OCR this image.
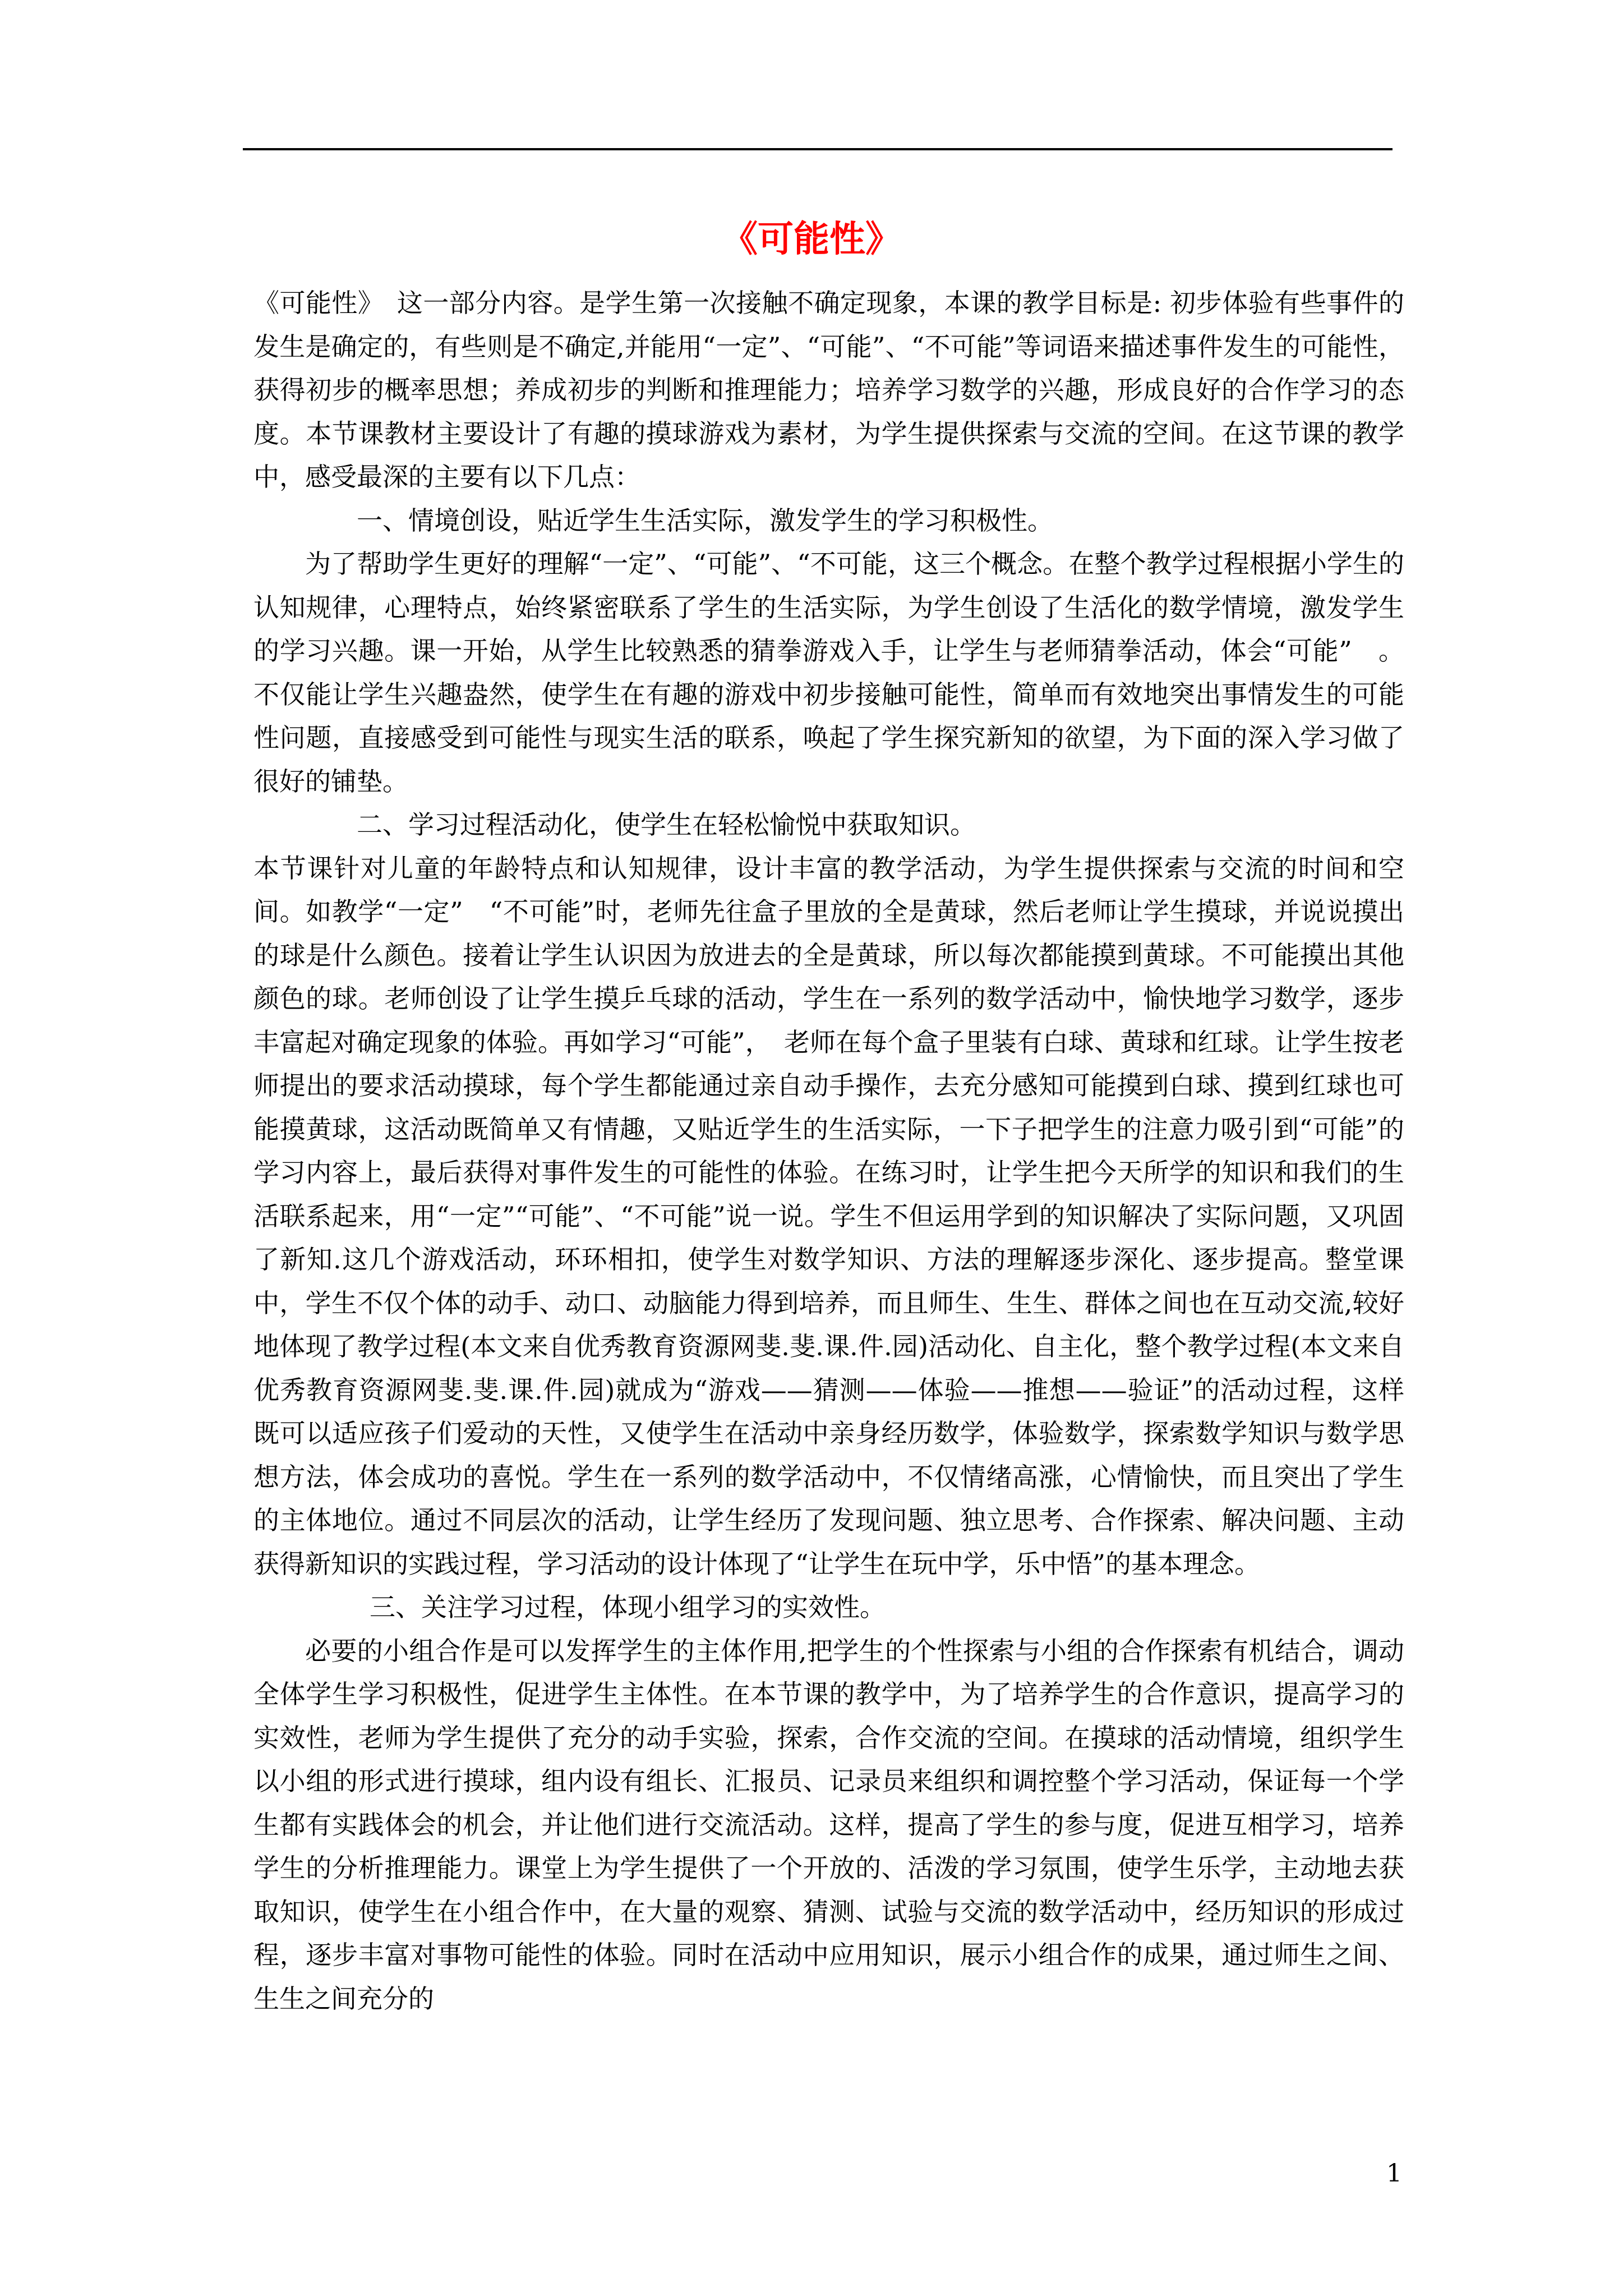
《可能性》

《可能性》　这一部分内容。是学生第一次接触不确定现象，本课的教学目标是: 初步体验有些事件的发生是确定的，有些则是不确定,并能用“一定”、“可能”、“不可能”等词语来描述事件发生的可能性，获得初步的概率思想；养成初步的判断和推理能力；培养学习数学的兴趣，形成良好的合作学习的态度。本节课教材主要设计了有趣的摸球游戏为素材，为学生提供探索与交流的空间。在这节课的教学中，感受最深的主要有以下几点：

一、情境创设，贴近学生生活实际，激发学生的学习积极性。

为了帮助学生更好的理解“一定”、“可能”、“不可能，这三个概念。在整个教学过程根据小学生的认知规律，心理特点，始终紧密联系了学生的生活实际，为学生创设了生活化的数学情境，激发学生的学习兴趣。课一开始，从学生比较熟悉的猜拳游戏入手，让学生与老师猜拳活动，体会“可能”　。不仅能让学生兴趣盎然，使学生在有趣的游戏中初步接触可能性，简单而有效地突出事情发生的可能性问题，直接感受到可能性与现实生活的联系，唤起了学生探究新知的欲望，为下面的深入学习做了很好的铺垫。

二、学习过程活动化，使学生在轻松愉悦中获取知识。

本节课针对儿童的年龄特点和认知规律，设计丰富的教学活动，为学生提供探索与交流的时间和空间。如教学“一定”　“不可能”时，老师先往盒子里放的全是黄球，然后老师让学生摸球，并说说摸出的球是什么颜色。接着让学生认识因为放进去的全是黄球，所以每次都能摸到黄球。不可能摸出其他颜色的球。老师创设了让学生摸乒乓球的活动，学生在一系列的数学活动中，愉快地学习数学，逐步丰富起对确定现象的体验。再如学习“可能”，　老师在每个盒子里装有白球、黄球和红球。让学生按老师提出的要求活动摸球，每个学生都能通过亲自动手操作，去充分感知可能摸到白球、摸到红球也可能摸黄球，这活动既简单又有情趣，又贴近学生的生活实际，一下子把学生的注意力吸引到“可能”的学习内容上，最后获得对事件发生的可能性的体验。在练习时，让学生把今天所学的知识和我们的生活联系起来，用“一定”“可能”、“不可能”说一说。学生不但运用学到的知识解决了实际问题，又巩固了新知.这几个游戏活动，环环相扣，使学生对数学知识、方法的理解逐步深化、逐步提高。整堂课中，学生不仅个体的动手、动口、动脑能力得到培养，而且师生、生生、群体之间也在互动交流,较好地体现了教学过程(本文来自优秀教育资源网斐.斐.课.件.园)活动化、自主化，整个教学过程(本文来自优秀教育资源网斐.斐.课.件.园)就成为“游戏——猜测——体验——推想——验证”的活动过程，这样既可以适应孩子们爱动的天性，又使学生在活动中亲身经历数学，体验数学，探索数学知识与数学思想方法，体会成功的喜悦。学生在一系列的数学活动中，不仅情绪高涨，心情愉快，而且突出了学生的主体地位。通过不同层次的活动，让学生经历了发现问题、独立思考、合作探索、解决问题、主动获得新知识的实践过程，学习活动的设计体现了“让学生在玩中学，乐中悟”的基本理念。

三、关注学习过程，体现小组学习的实效性。

必要的小组合作是可以发挥学生的主体作用,把学生的个性探索与小组的合作探索有机结合，调动全体学生学习积极性，促进学生主体性。在本节课的教学中，为了培养学生的合作意识，提高学习的实效性，老师为学生提供了充分的动手实验，探索，合作交流的空间。在摸球的活动情境，组织学生以小组的形式进行摸球，组内设有组长、汇报员、记录员来组织和调控整个学习活动，保证每一个学生都有实践体会的机会，并让他们进行交流活动。这样，提高了学生的参与度，促进互相学习，培养学生的分析推理能力。课堂上为学生提供了一个开放的、活泼的学习氛围，使学生乐学，主动地去获取知识，使学生在小组合作中，在大量的观察、猜测、试验与交流的数学活动中，经历知识的形成过程，逐步丰富对事物可能性的体验。同时在活动中应用知识，展示小组合作的成果，通过师生之间、生生之间充分的

1
